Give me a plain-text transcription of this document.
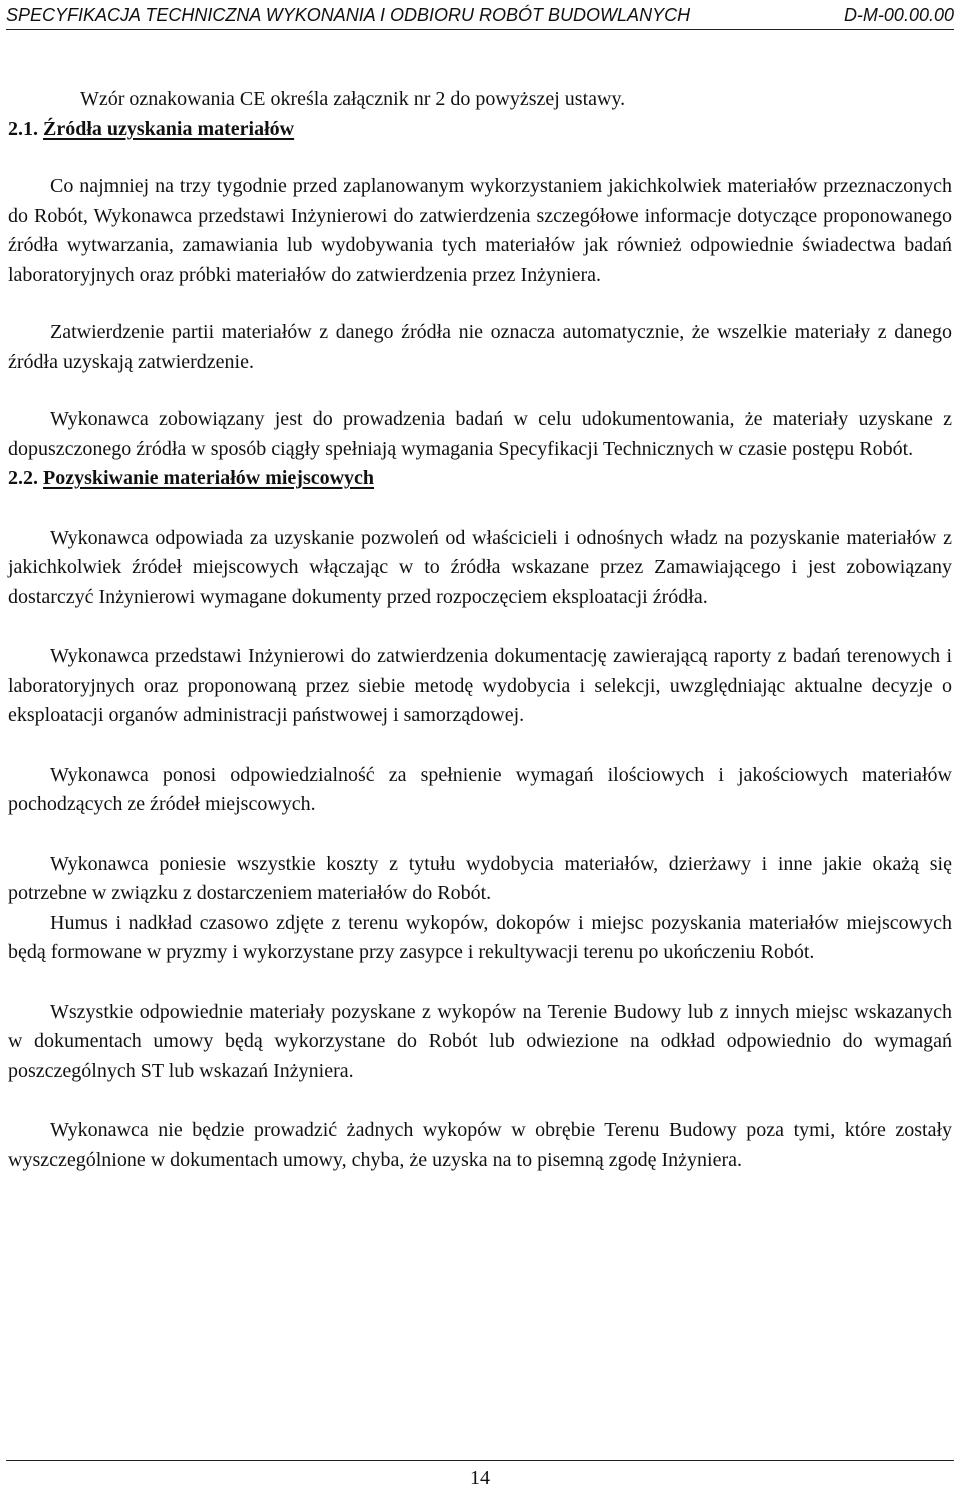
SPECYFIKACJA TECHNICZNA WYKONANIA I ODBIORU ROBÓT BUDOWLANYCH	D-M-00.00.00

Wzór oznakowania CE określa załącznik nr 2 do powyższej ustawy.

2.1. Źródła uzyskania materiałów

Co najmniej na trzy tygodnie przed zaplanowanym wykorzystaniem jakichkolwiek materiałów przeznaczonych do Robót, Wykonawca przedstawi Inżynierowi do zatwierdzenia szczegółowe informacje dotyczące proponowanego źródła wytwarzania, zamawiania lub wydobywania tych materiałów jak również odpowiednie świadectwa badań laboratoryjnych oraz próbki materiałów do zatwierdzenia przez Inżyniera.

Zatwierdzenie partii materiałów z danego źródła nie oznacza automatycznie, że wszelkie materiały z danego źródła uzyskają zatwierdzenie.

Wykonawca zobowiązany jest do prowadzenia badań w celu udokumentowania, że materiały uzyskane z dopuszczonego źródła w sposób ciągły spełniają wymagania Specyfikacji Technicznych w czasie postępu Robót.

2.2. Pozyskiwanie materiałów miejscowych

Wykonawca odpowiada za uzyskanie pozwoleń od właścicieli i odnośnych władz na pozyskanie materiałów z jakichkolwiek źródeł miejscowych włączając w to źródła wskazane przez Zamawiającego i jest zobowiązany dostarczyć Inżynierowi wymagane dokumenty przed rozpoczęciem eksploatacji źródła.

Wykonawca przedstawi Inżynierowi do zatwierdzenia dokumentację zawierającą raporty z badań terenowych i laboratoryjnych oraz proponowaną przez siebie metodę wydobycia i selekcji, uwzględniając aktualne decyzje o eksploatacji organów administracji państwowej i samorządowej.

Wykonawca ponosi odpowiedzialność za spełnienie wymagań ilościowych i jakościowych materiałów pochodzących ze źródeł miejscowych.

Wykonawca poniesie wszystkie koszty z tytułu wydobycia materiałów, dzierżawy i inne jakie okażą się potrzebne w związku z dostarczeniem materiałów do Robót.

Humus i nadkład czasowo zdjęte z terenu wykopów, dokopów i miejsc pozyskania materiałów miejscowych będą formowane w pryzmy i wykorzystane przy zasypce i rekultywacji terenu po ukończeniu Robót.

Wszystkie odpowiednie materiały pozyskane z wykopów na Terenie Budowy lub z innych miejsc wskazanych w dokumentach umowy będą wykorzystane do Robót lub odwiezione na odkład odpowiednio do wymagań poszczególnych ST lub wskazań Inżyniera.

Wykonawca nie będzie prowadzić żadnych wykopów w obrębie Terenu Budowy poza tymi, które zostały wyszczególnione w dokumentach umowy, chyba, że uzyska na to pisemną zgodę Inżyniera.

14
